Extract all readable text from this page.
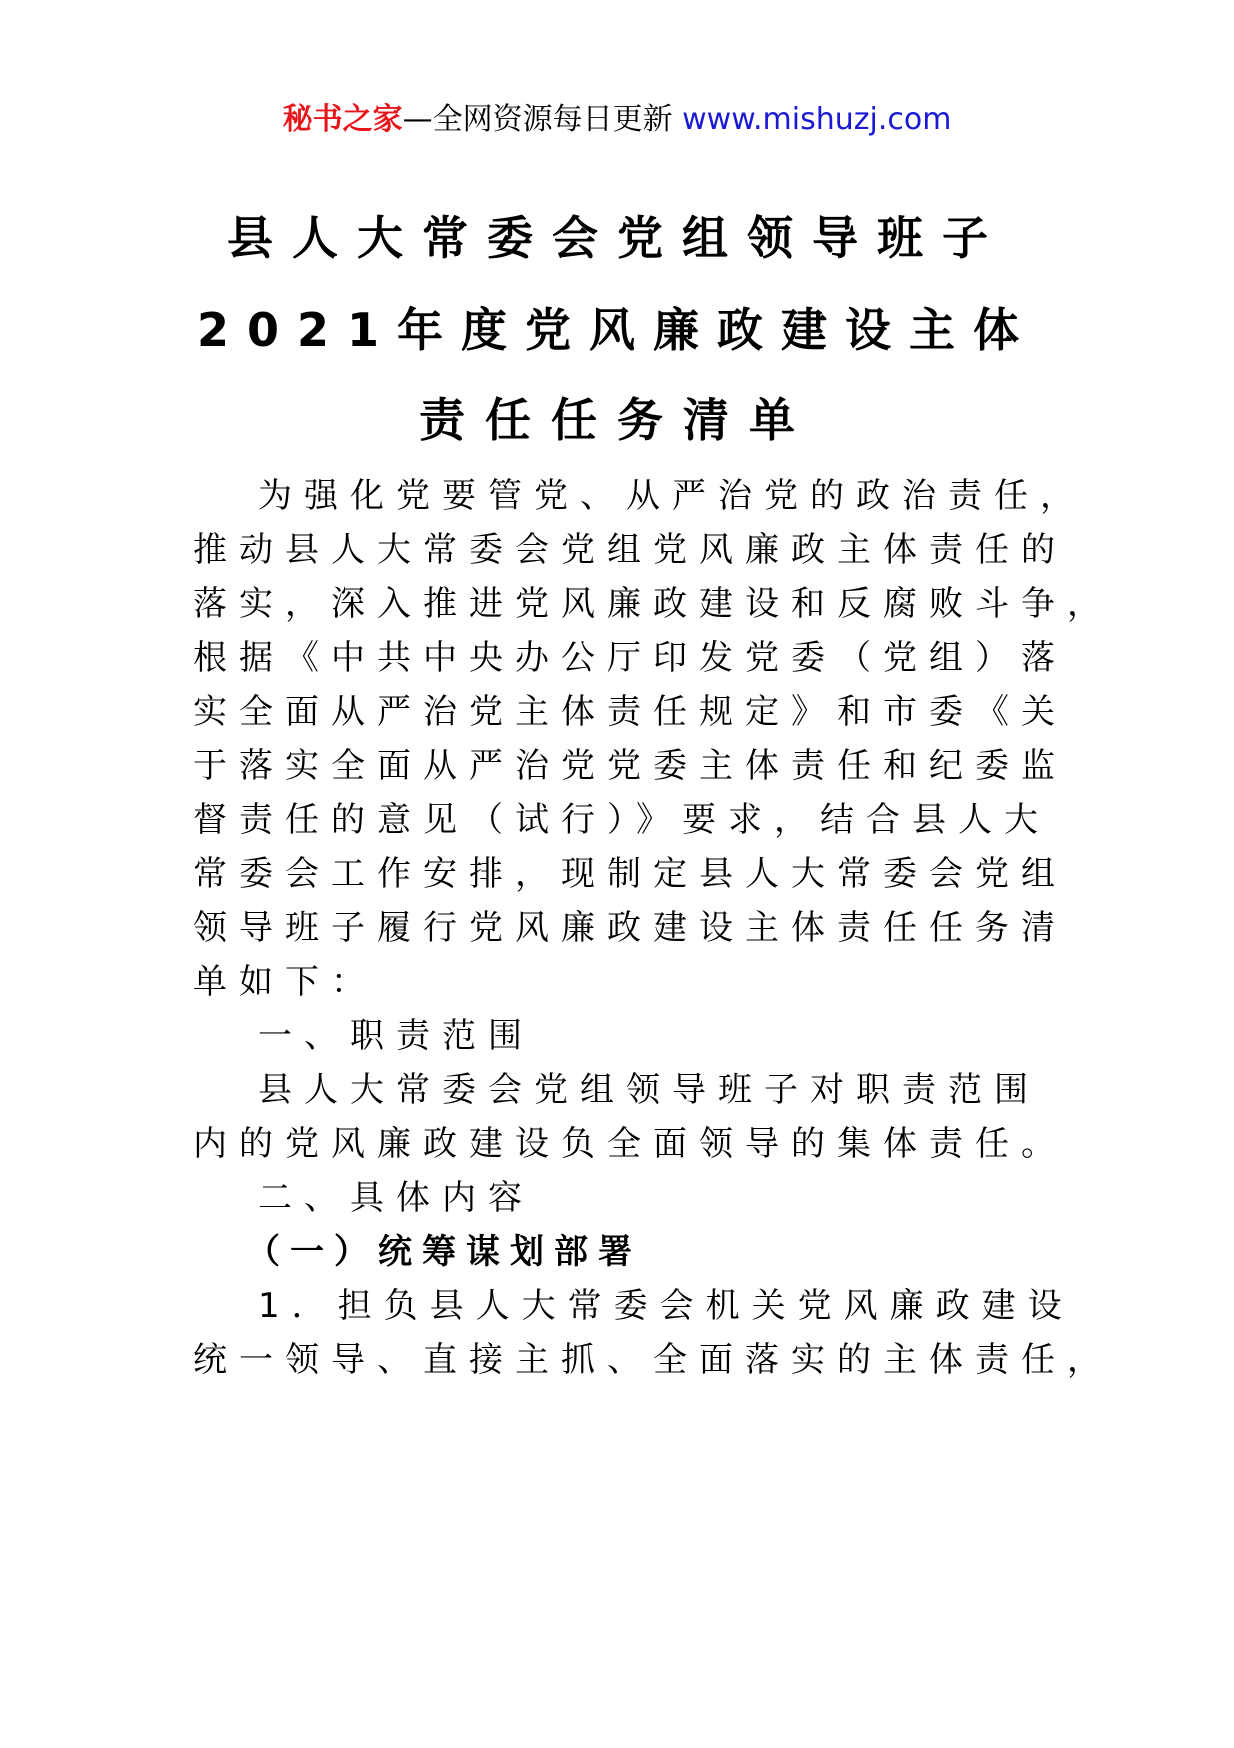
秘书之家—全网资源每日更新 www.mishuzj.com
县人大常委会党组领导班子
2021年度党风廉政建设主体
责任任务清单
为强化党要管党、从严治党的政治责任，
推动县人大常委会党组党风廉政主体责任的
落实，深入推进党风廉政建设和反腐败斗争，
根据《中共中央办公厅印发党委（党组）落
实全面从严治党主体责任规定》和市委《关
于落实全面从严治党党委主体责任和纪委监
督责任的意见（试行）》要求，结合县人大
常委会工作安排，现制定县人大常委会党组
领导班子履行党风廉政建设主体责任任务清
单如下：
一、职责范围
县人大常委会党组领导班子对职责范围
内的党风廉政建设负全面领导的集体责任。
二、具体内容
（一）统筹谋划部署
1．担负县人大常委会机关党风廉政建设
统一领导、直接主抓、全面落实的主体责任，
